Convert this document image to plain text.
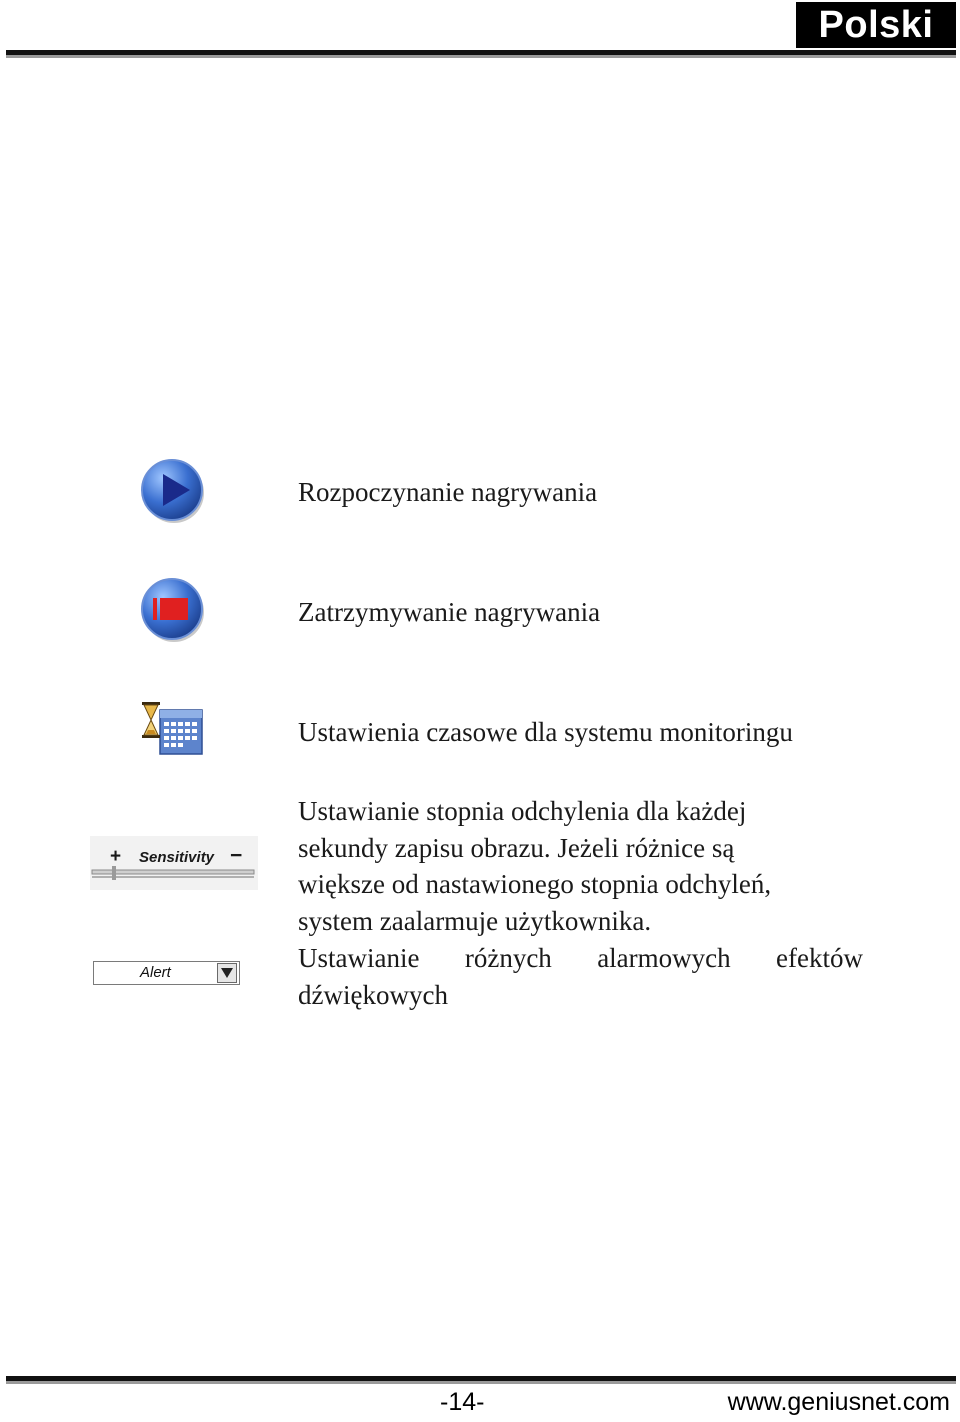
Polski
Rozpoczynanie nagrywania
Zatrzymywanie nagrywania
Ustawienia czasowe dla systemu monitoringu
+ Sensitivity −
Alert
Ustawianie stopnia odchylenia dla każdej
sekundy zapisu obrazu. Jeżeli różnice są
większe od nastawionego stopnia odchyleń,
system zaalarmuje użytkownika.
Ustawianie różnych alarmowych efektów
dźwiękowych
-14-	www.geniusnet.com
